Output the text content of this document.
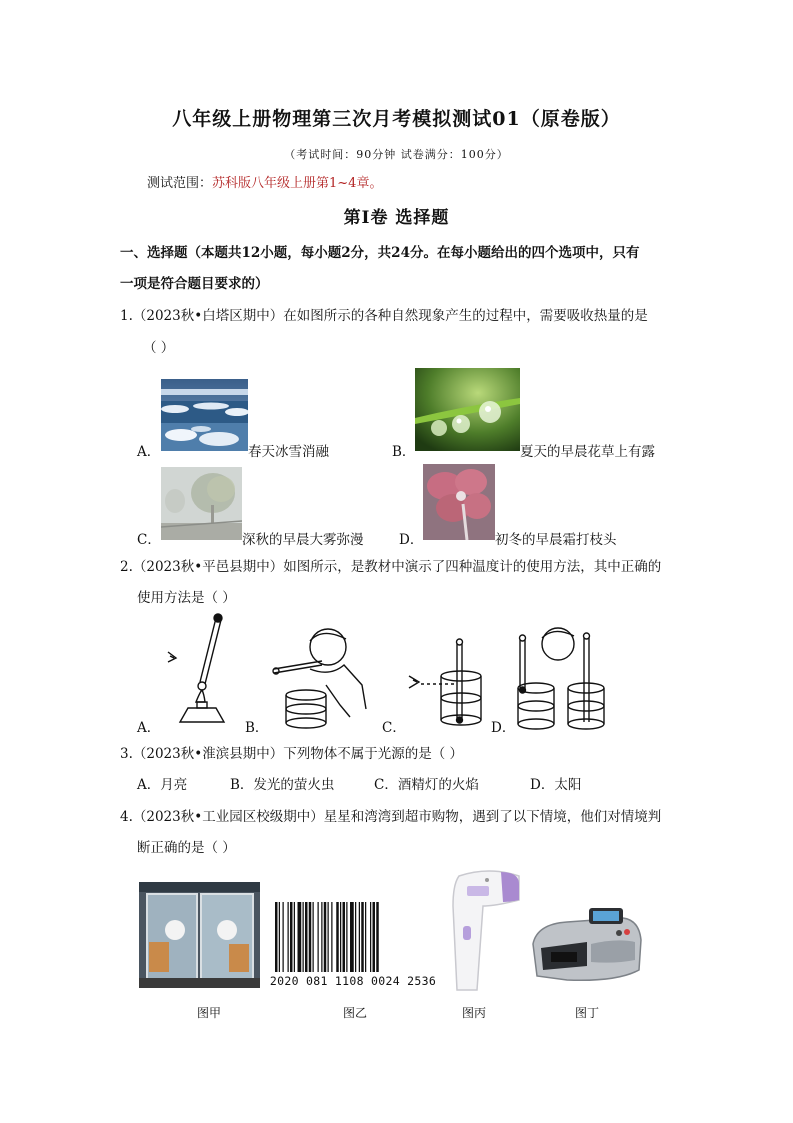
八年级上册物理第三次月考模拟测试01（原卷版）
（考试时间：90分钟 试卷满分：100分）
测试范围：苏科版八年级上册第1~4章。
第Ⅰ卷 选择题
一、选择题（本题共12小题，每小题2分，共24分。在每小题给出的四个选项中，只有
一项是符合题目要求的）
1.（2023秋•白塔区期中）在如图所示的各种自然现象产生的过程中，需要吸收热量的是
（ ）
A．	春天冰雪消融	B．	夏天的早晨花草上有露
C．	深秋的早晨大雾弥漫	D．	初冬的早晨霜打枝头
2.（2023秋•平邑县期中）如图所示，是教材中演示了四种温度计的使用方法，其中正确的
使用方法是（ ）
A．	B．	C．	D．
3.（2023秋•淮滨县期中）下列物体不属于光源的是（ ）
A．月亮	B．发光的萤火虫	C．酒精灯的火焰	D．太阳
4.（2023秋•工业园区校级期中）星星和湾湾到超市购物，遇到了以下情境，他们对情境判
断正确的是（ ）
图甲
2020 081 1108 0024 2536
图乙	图丙	图丁
